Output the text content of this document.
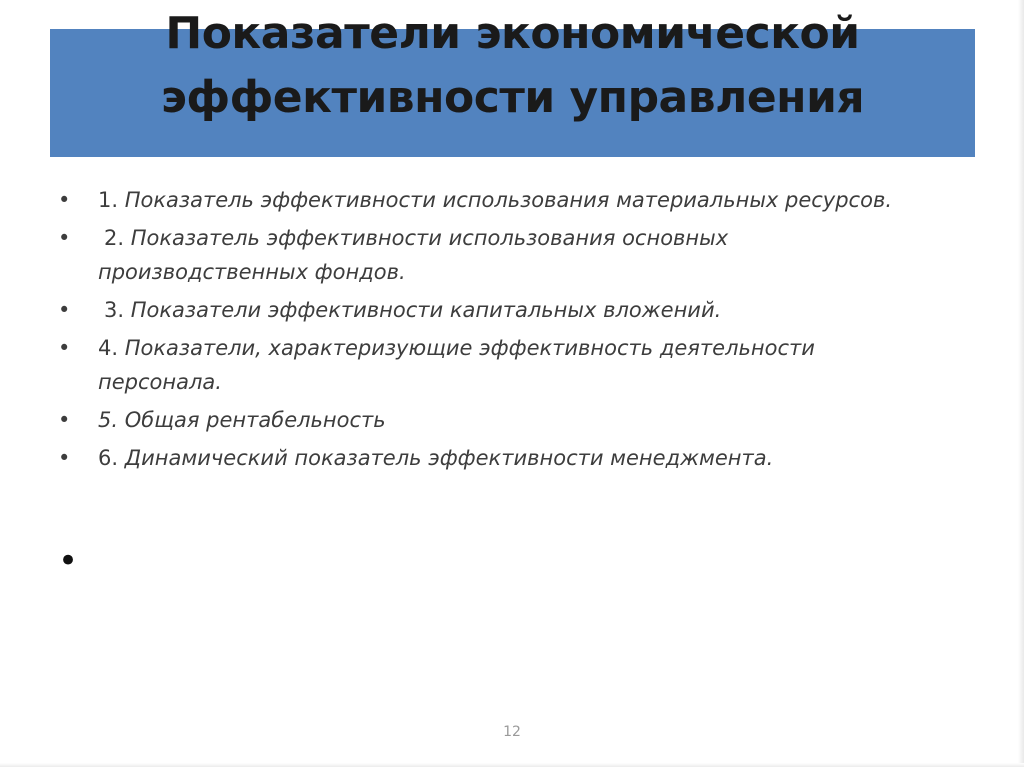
Показатели экономической
эффективности управления
•	1. Показатель эффективности использования материальных ресурсов.
•	2. Показатель эффективности использования основных производственных фондов.
•	3. Показатели эффективности капитальных вложений.
•	4. Показатели, характеризующие эффективность деятельности персонала.
•	5. Общая рентабельность
•	6. Динамический показатель эффективности менеджмента.
•
12
